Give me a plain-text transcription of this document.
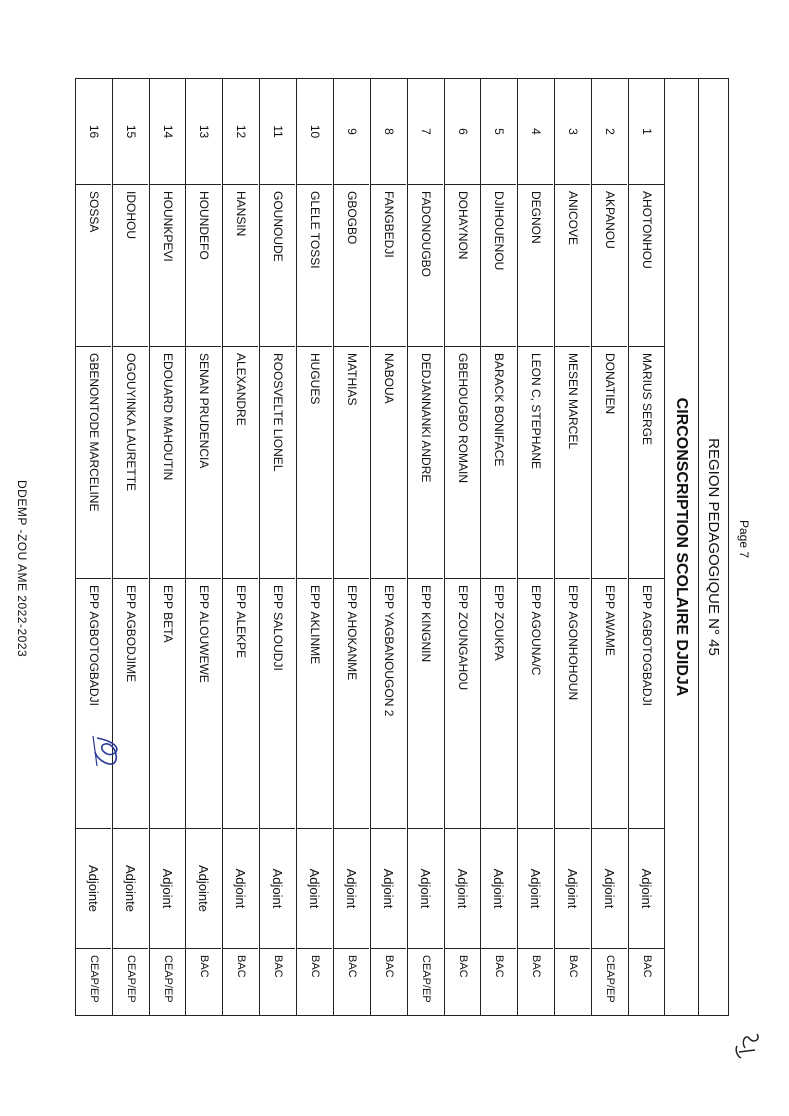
Page 7
REGION PEDAGOGIQUE N° 45
CIRCONSCRIPTION SCOLAIRE DJIDJA
1
AHOTONHOU
MARIUS SERGE
EPP AGBOTOGBADJI
Adjoint
BAC
2
AKPANOU
DONATIEN
EPP AWAME
Adjoint
CEAP/EP
3
ANICOVE
MESEN MARCEL
EPP AGONHOHOUN
Adjoint
BAC
4
DEGNON
LEON C, STEPHANE
EPP AGOUNA/C
Adjoint
BAC
5
DJIHOUENOU
BARACK BONIFACE
EPP ZOUKPA
Adjoint
BAC
6
DOHAYNON
GBEHOUGBO ROMAIN
EPP ZOUNGAHOU
Adjoint
BAC
7
FADONOUGBO
DEDJANNANKI ANDRE
EPP KINGNIN
Adjoint
CEAP/EP
8
FANGBEDJI
NABOUA
EPP YAGBANOUGON 2
Adjoint
BAC
9
GBOGBO
MATHIAS
EPP AHOKANME
Adjoint
BAC
10
GLELE TOSSI
HUGUES
EPP AKLINME
Adjoint
BAC
11
GOUNOUDE
ROOSVELTE LIONEL
EPP SALOUDJI
Adjoint
BAC
12
HANSIN
ALEXANDRE
EPP ALEKPE
Adjoint
BAC
13
HOUNDEFO
SENAN PRUDENCIA
EPP ALOUWEWE
Adjointe
BAC
14
HOUNKPEVI
EDOUARD MAHOUTIN
EPP BETA
Adjoint
CEAP/EP
15
IDOHOU
OGOUYINKA LAURETTE
EPP AGBODJIME
Adjointe
CEAP/EP
16
SOSSA
GBENONTODE MARCELINE
EPP AGBOTOGBADJI
Adjointe
CEAP/EP
DDEMP -ZOU AME 2022-2023
